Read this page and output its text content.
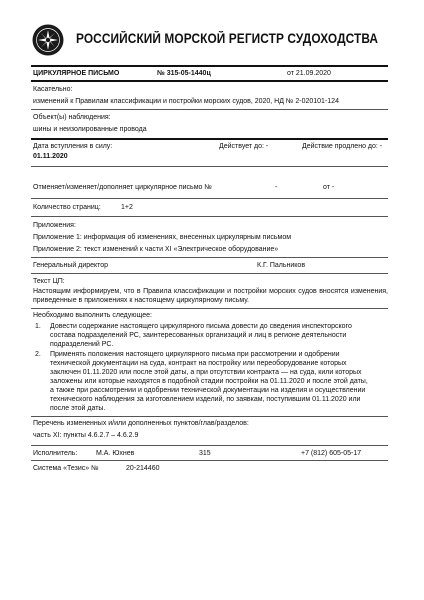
РОССИЙСКИЙ МОРСКОЙ РЕГИСТР СУДОХОДСТВА
ЦИРКУЛЯРНОЕ ПИСЬМО	№ 315-05-1440ц	от 21.09.2020
Касательно:
изменений к Правилам классификации и постройки морских судов, 2020, НД № 2-020101-124
Объект(ы) наблюдения:
шины и неизолированные провода
Дата вступления в силу:
01.11.2020
Действует до: -	Действие продлено до: -
Отменяет/изменяет/дополняет циркулярное письмо №	-	от -
Количество страниц:	1+2
Приложения:
Приложение 1: информация об изменениях, внесенных циркулярным письмом
Приложение 2: текст изменений к части XI «Электрическое оборудование»
Генеральный директор	К.Г. Пальников
Текст ЦП:
Настоящим информируем, что в Правила классификации и постройки морских судов вносятся изменения, приведенные в приложениях к настоящему циркулярному письму.
Необходимо выполнить следующее:
1. Довести содержание настоящего циркулярного письма довести до сведения инспекторского
состава подразделений РС, заинтересованных организаций и лиц в регионе деятельности
подразделений РС.
2. Применять положения настоящего циркулярного письма при рассмотрении и одобрении
технической документации на суда, контракт на постройку или переоборудование которых
заключен 01.11.2020 или после этой даты, а при отсутствии контракта — на суда, кили которых
заложены или которые находятся в подобной стадии постройки на 01.11.2020 и после этой даты,
а также при рассмотрении и одобрении технической документации на изделия и осуществлении
технического наблюдения за изготовлением изделий, по заявкам, поступившим 01.11.2020 или
после этой даты.
Перечень измененных и/или дополненных пунктов/глав/разделов:
часть XI: пункты 4.6.2.7 – 4.6.2.9
Исполнитель:	М.А. Юхнев	315	+7 (812) 605-05-17
Система «Тезис» №	20-214460
